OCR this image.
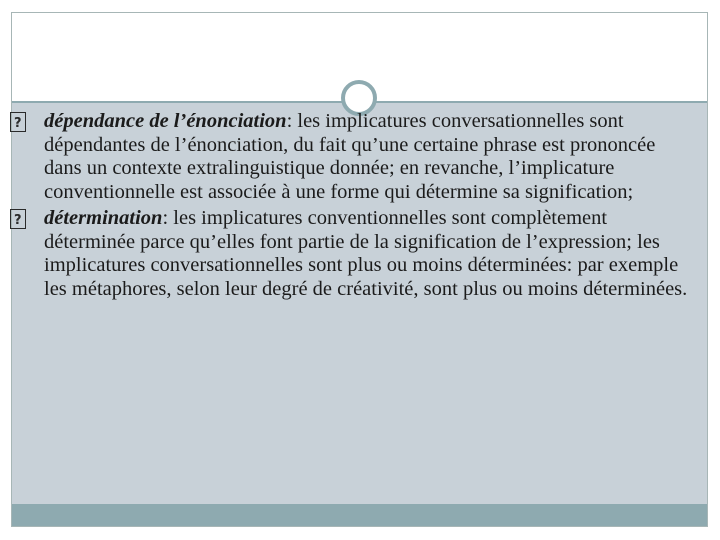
?
dépendance de l’énonciation: les implicatures conversationnelles sont dépendantes de l’énonciation, du fait qu’une certaine phrase est prononcée dans un contexte extralinguistique donnée; en revanche, l’implicature conventionnelle est associée à une forme qui détermine sa signification;

?
détermination: les implicatures conventionnelles sont complètement déterminée parce qu’elles font partie de la signification de l’expression; les implicatures conversationnelles sont plus ou moins déterminées: par exemple les métaphores, selon leur degré de créativité, sont plus ou moins déterminées.
